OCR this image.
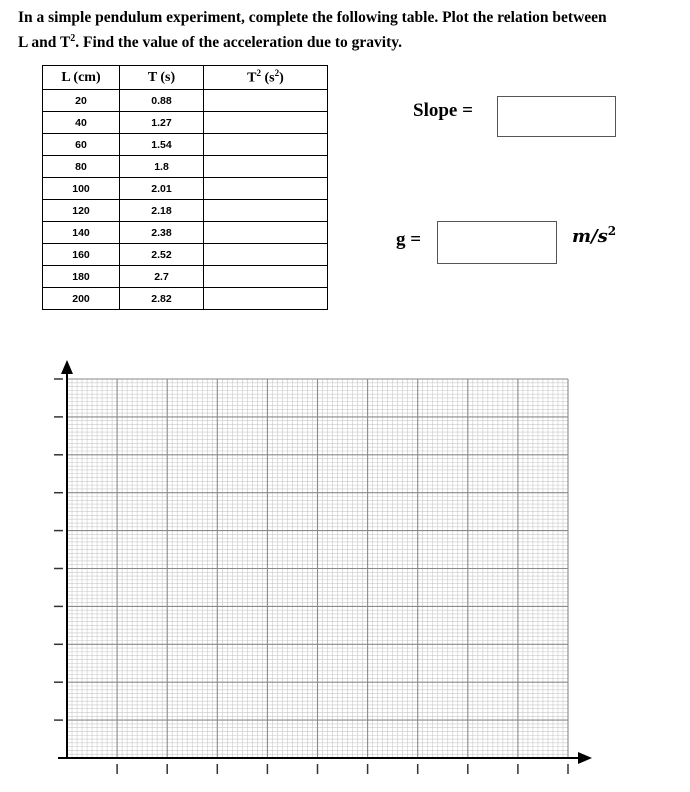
In a simple pendulum experiment, complete the following table. Plot the relation between
L and $T^2$. Find the value of the acceleration due to gravity.

L (cm)	T (s)	$T^2$ $(s^2)$
20	0.88	
40	1.27	
60	1.54	
80	1.8	
100	2.01	
120	2.18	
140	2.38	
160	2.52	
180	2.7	
200	2.82	
Slope =
g =	$m/s^2$
